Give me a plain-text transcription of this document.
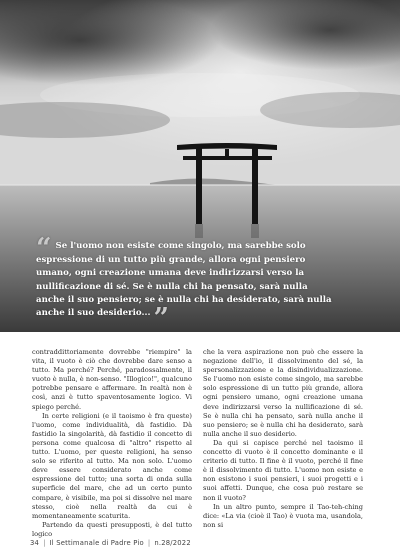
“ Se l'uomo non esiste come singolo, ma sarebbe solo espressione di un tutto più grande, allora ogni pensiero umano, ogni creazione umana deve indirizzarsi verso la nullificazione di sé. Se è nulla chi ha pensato, sarà nulla anche il suo pensiero; se è nulla chi ha desiderato, sarà nulla anche il suo desiderio... ”

contraddittoriamente dovrebbe "riempire" la vita, il vuoto è ciò che dovrebbe dare senso a tutto. Ma perché? Perché, paradossalmente, il vuoto è nulla, è non-senso. "Illogico!", qualcuno potrebbe pensare e affermare. In realtà non è così, anzi è tutto spaventosamente logico. Vi spiego perché.

In certe religioni (e il taoismo è fra queste) l'uomo, come individualità, dà fastidio. Dà fastidio la singolarità, dà fastidio il concetto di persona come qualcosa di "altro" rispetto al tutto. L'uomo, per queste religioni, ha senso solo se riferito al tutto. Ma non solo. L'uomo deve essere considerato anche come espressione del tutto; una sorta di onda sulla superficie del mare, che ad un certo punto compare, è visibile, ma poi si dissolve nel mare stesso, cioè nella realtà da cui è momentaneamente scaturita.

Partendo da questi presupposti, è del tutto logico

che la vera aspirazione non può che essere la negazione dell'io, il dissolvimento del sé, la spersonalizzazione e la disindividualizzazione. Se l'uomo non esiste come singolo, ma sarebbe solo espressione di un tutto più grande, allora ogni pensiero umano, ogni creazione umana deve indirizzarsi verso la nullificazione di sé. Se è nulla chi ha pensato, sarà nulla anche il suo pensiero; se è nulla chi ha desiderato, sarà nulla anche il suo desiderio.

Da qui si capisce perché nel taoismo il concetto di vuoto è il concetto dominante e il criterio di tutto. Il fine è il vuoto, perché il fine è il dissolvimento di tutto. L'uomo non esiste e non esistono i suoi pensieri, i suoi progetti e i suoi affetti. Dunque, che cosa può restare se non il vuoto?

In un altro punto, sempre il Tao-teh-ching dice: «La via (cioè il Tao) è vuota ma, usandola, non si

34 | Il Settimanale di Padre Pio | n.28/2022
